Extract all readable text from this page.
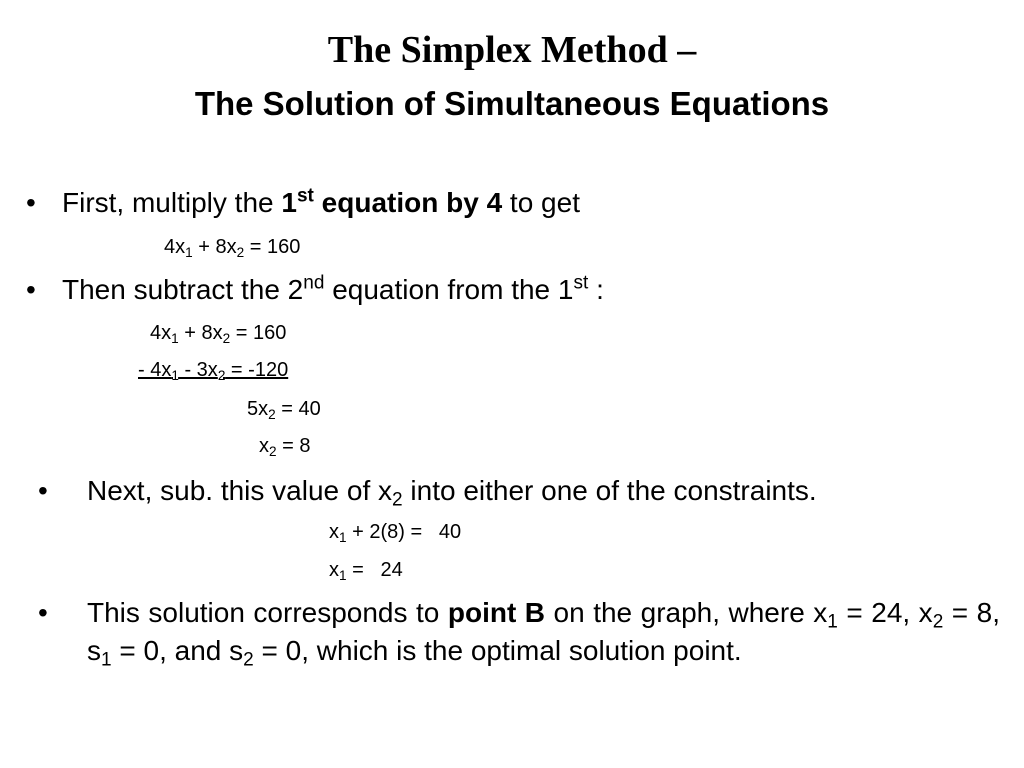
The Simplex Method –
The Solution of Simultaneous Equations
• First, multiply the 1st equation by 4 to get
$4x_1 + 8x_2 = 160$
• Then subtract the 2nd equation from the 1st :
$4x_1 + 8x_2 = 160$
- $4x_1 - 3x_2 = -120$
$5x_2 = 40$
$x_2 = 8$
• Next, sub. this value of $x_2$ into either one of the constraints.
$x_1 + 2(8) = 40$
$x_1 = 24$
• This solution corresponds to point B on the graph, where $x_1 = 24$, $x_2 = 8$, $s_1 = 0$, and $s_2 = 0$, which is the optimal solution point.
